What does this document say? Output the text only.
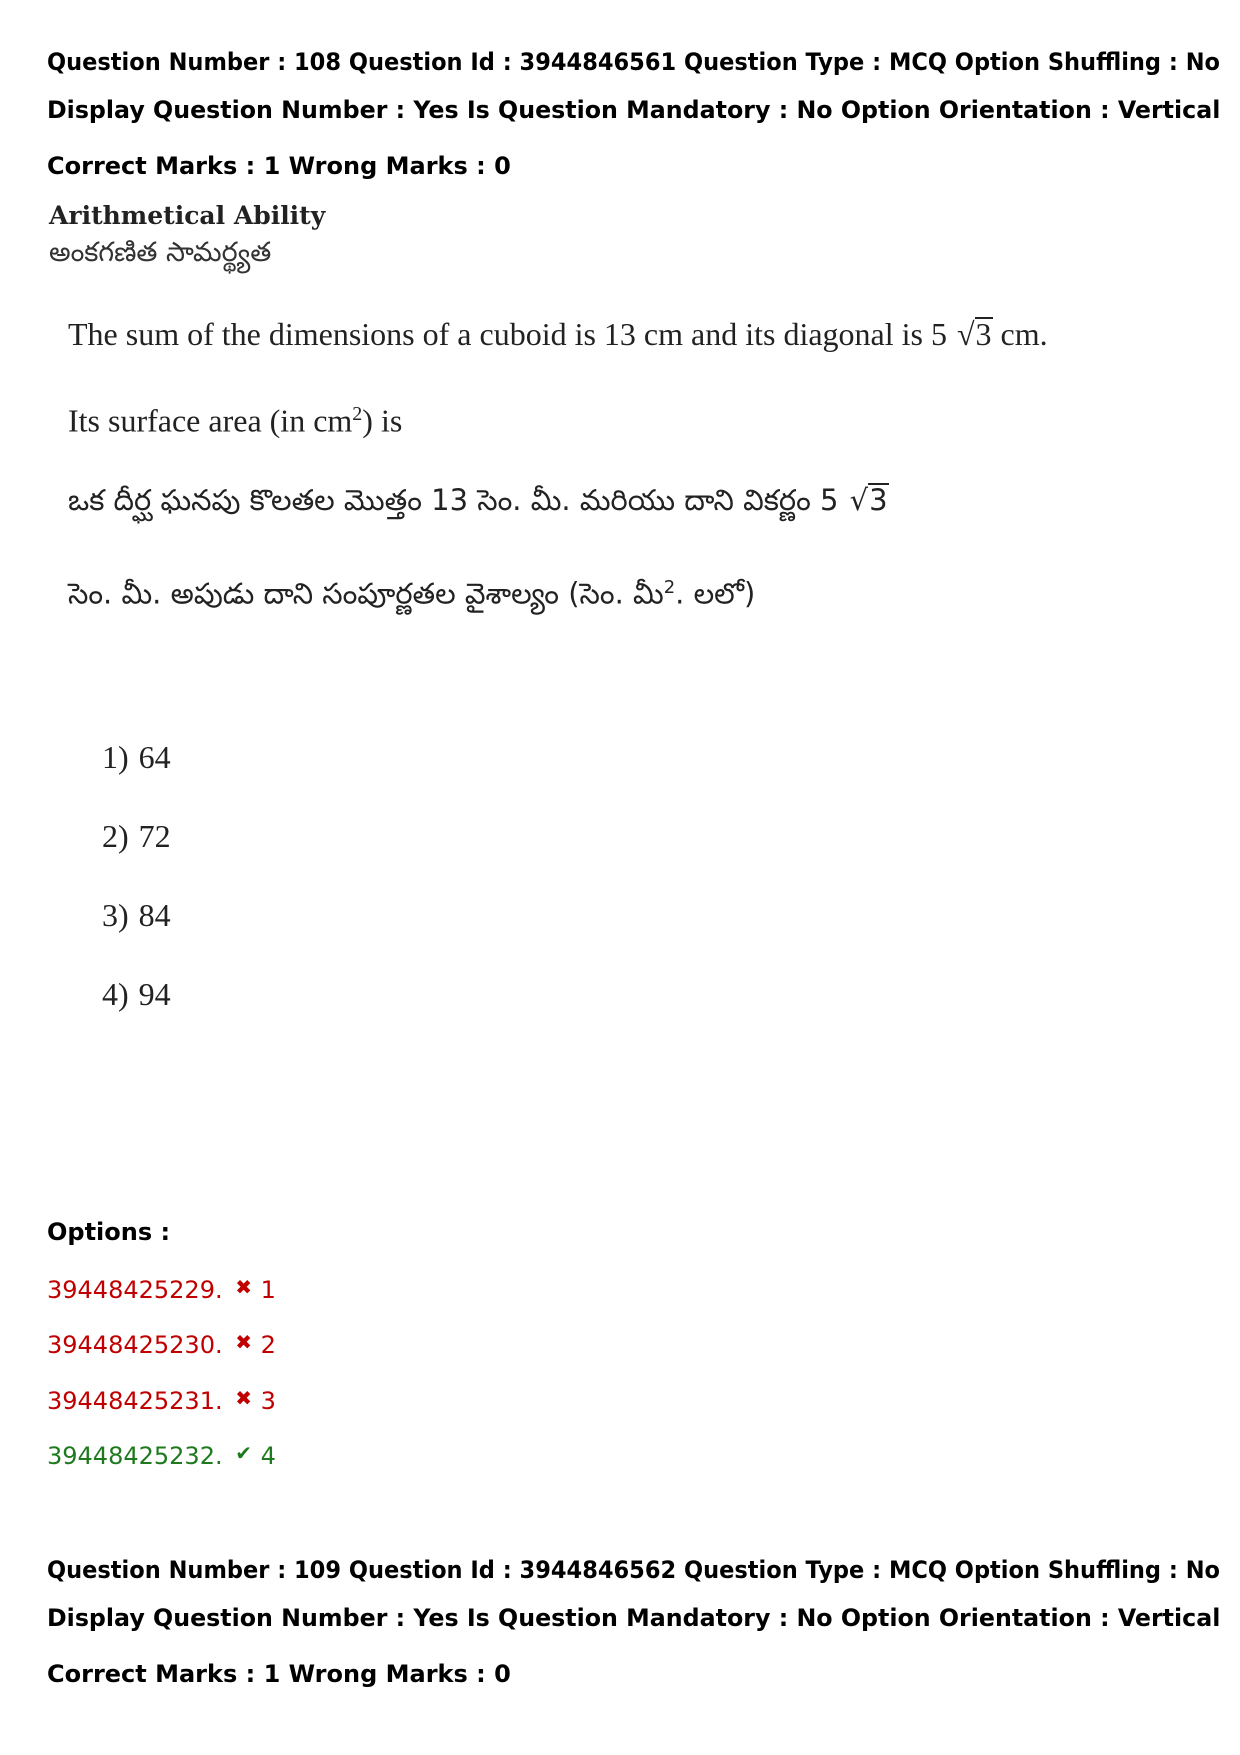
Question Number : 108 Question Id : 3944846561 Question Type : MCQ Option Shuffling : No
Display Question Number : Yes Is Question Mandatory : No Option Orientation : Vertical
Correct Marks : 1 Wrong Marks : 0
Arithmetical Ability
అంకగణిత సామర్థ్యత
The sum of the dimensions of a cuboid is 13 cm and its diagonal is 5 √3 cm.
Its surface area (in $cm^2$) is
ఒక దీర్ఘ ఘనపు కొలతల మొత్తం 13 సెం. మీ. మరియు దాని వికర్ణం 5 √3
సెం. మీ. అపుడు దాని సంపూర్ణతల వైశాల్యం (సెం. మీ$^2$. లలో)
1) 64
2) 72
3) 84
4) 94
Options :
39448425229. ✖ 1
39448425230. ✖ 2
39448425231. ✖ 3
39448425232. ✔ 4
Question Number : 109 Question Id : 3944846562 Question Type : MCQ Option Shuffling : No
Display Question Number : Yes Is Question Mandatory : No Option Orientation : Vertical
Correct Marks : 1 Wrong Marks : 0
